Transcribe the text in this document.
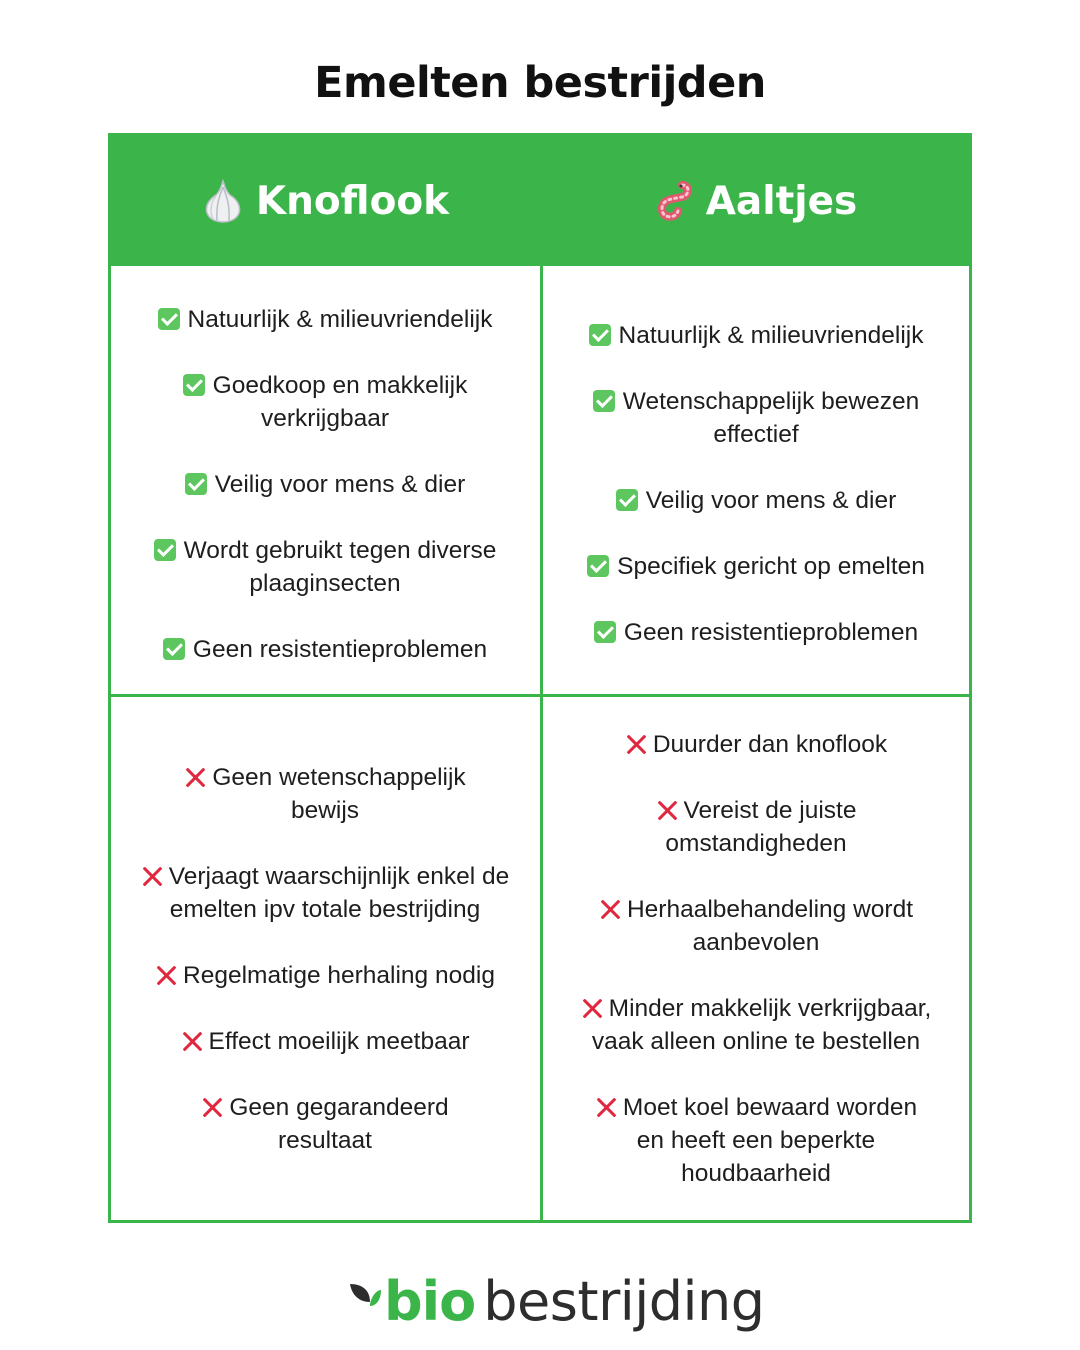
Emelten bestrijden
Knoflook	Aaltjes
Natuurlijk & milieuvriendelijk
Goedkoop en makkelijk verkrijgbaar
Veilig voor mens & dier
Wordt gebruikt tegen diverse plaaginsecten
Geen resistentieproblemen
Natuurlijk & milieuvriendelijk
Wetenschappelijk bewezen effectief
Veilig voor mens & dier
Specifiek gericht op emelten
Geen resistentieproblemen
Geen wetenschappelijk bewijs
Verjaagt waarschijnlijk enkel de emelten ipv totale bestrijding
Regelmatige herhaling nodig
Effect moeilijk meetbaar
Geen gegarandeerd resultaat
Duurder dan knoflook
Vereist de juiste omstandigheden
Herhaalbehandeling wordt aanbevolen
Minder makkelijk verkrijgbaar, vaak alleen online te bestellen
Moet koel bewaard worden en heeft een beperkte houdbaarheid
bio bestrijding
